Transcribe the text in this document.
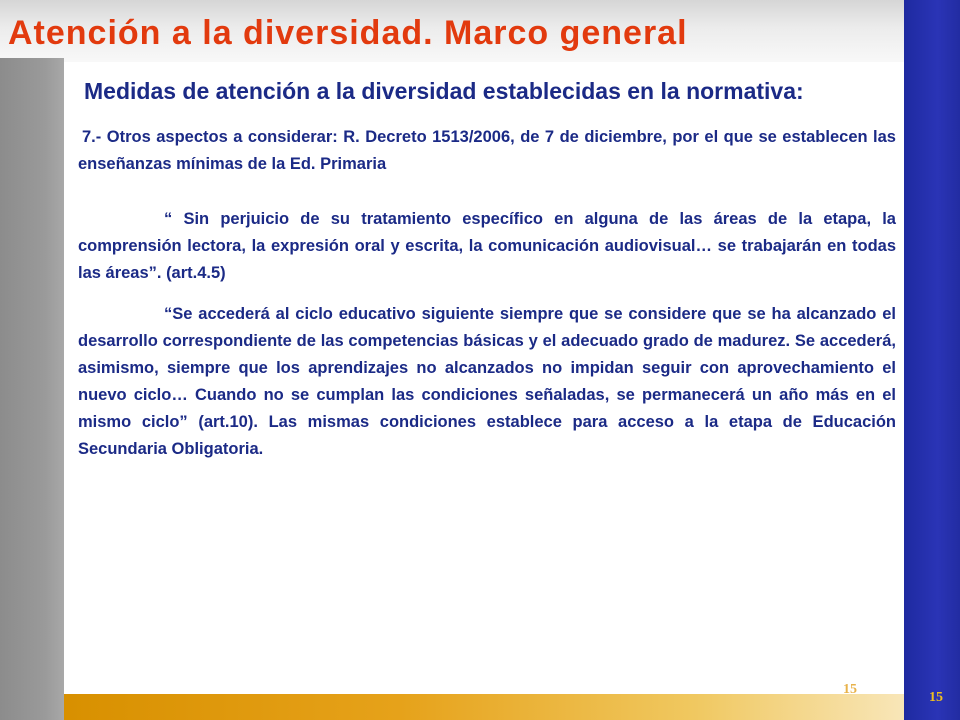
Atención a la diversidad. Marco general

Medidas de atención a la diversidad establecidas en la normativa:

7.- Otros aspectos a considerar: R. Decreto 1513/2006, de 7 de diciembre, por el que se establecen las enseñanzas mínimas de la Ed. Primaria

“ Sin perjuicio de su tratamiento específico en alguna de las áreas de la etapa, la comprensión lectora, la expresión oral y escrita, la comunicación audiovisual… se trabajarán en todas las áreas”. (art.4.5)

“Se accederá al ciclo educativo siguiente siempre que se considere que se ha alcanzado el desarrollo correspondiente de las competencias básicas y el adecuado grado de madurez. Se accederá, asimismo, siempre que los aprendizajes no alcanzados no impidan seguir con aprovechamiento el nuevo ciclo… Cuando no se cumplan las condiciones señaladas, se permanecerá un año más en el mismo ciclo” (art.10). Las mismas condiciones establece para acceso a la etapa de Educación Secundaria Obligatoria.

15
15
